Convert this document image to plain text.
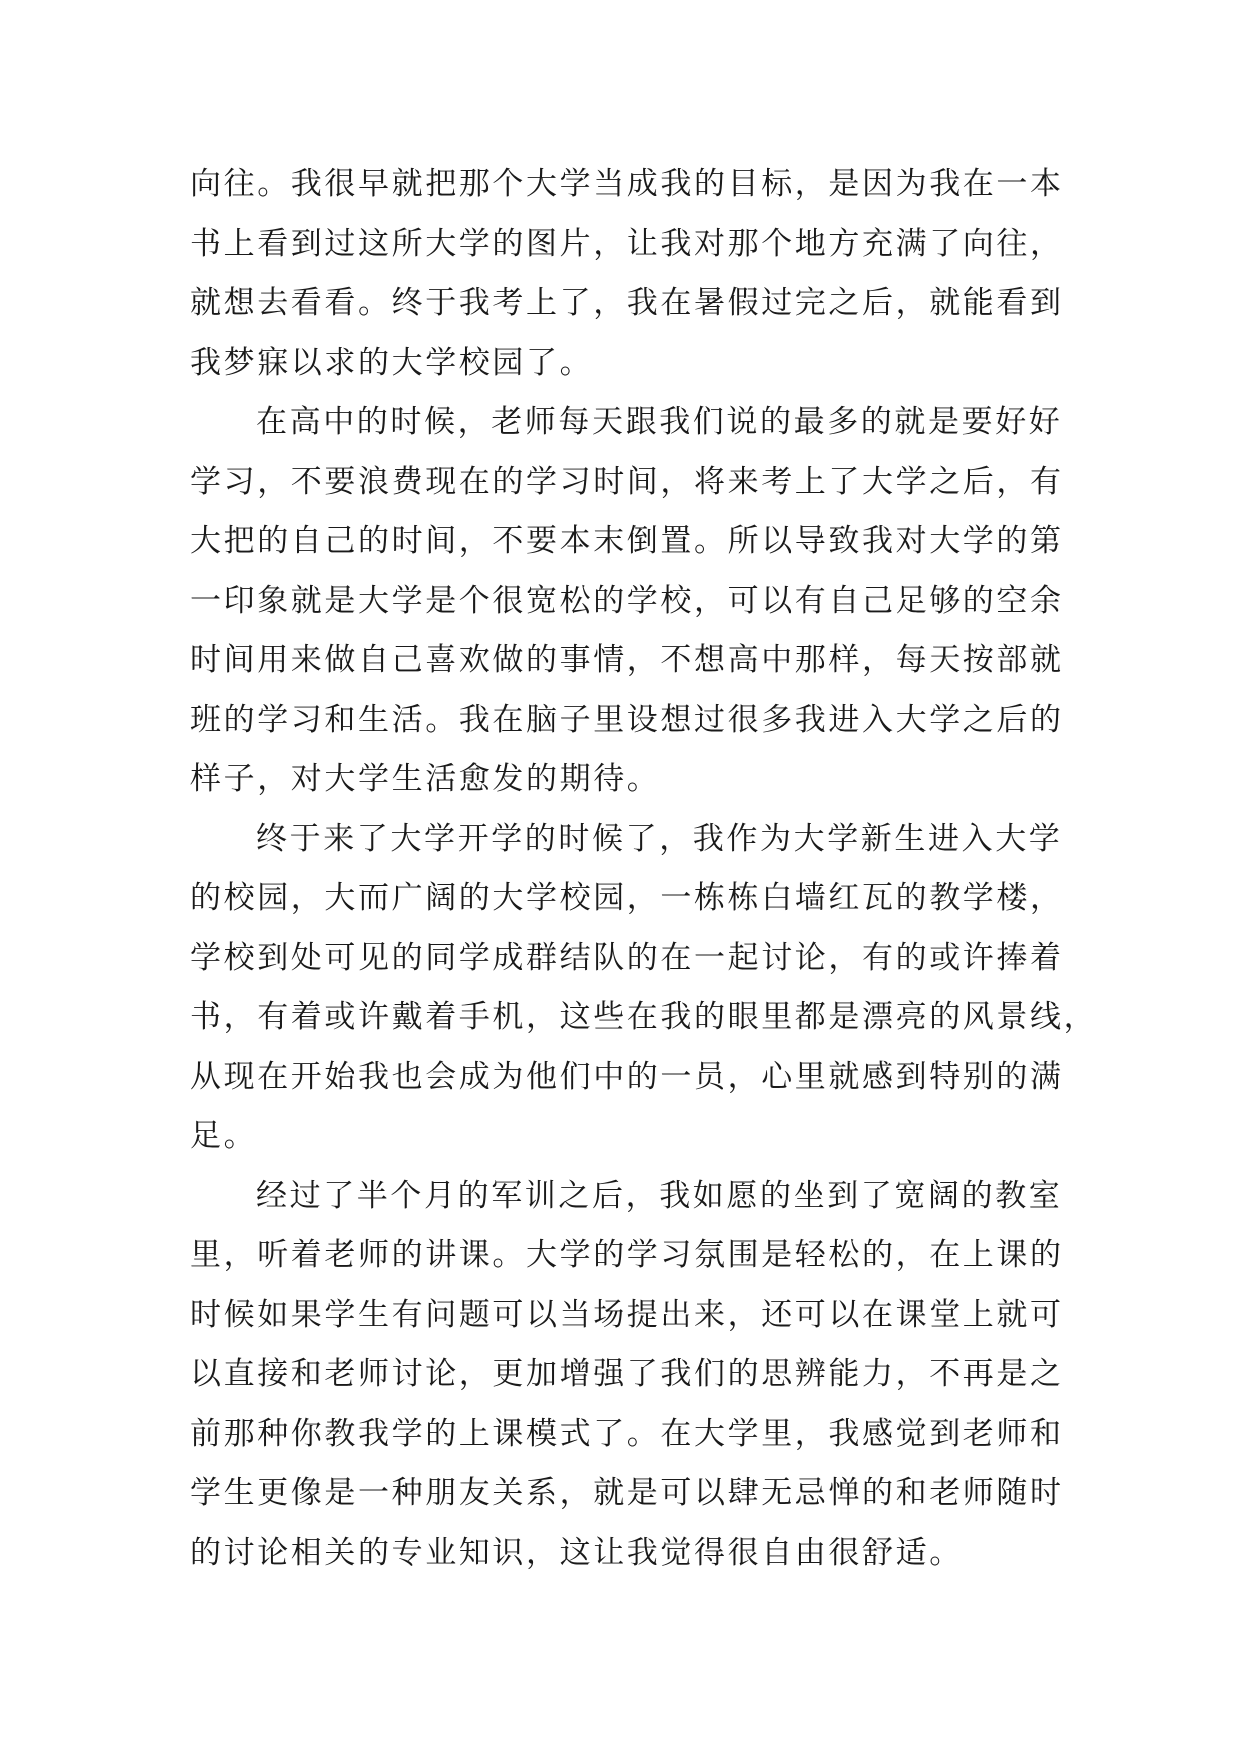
向往。我很早就把那个大学当成我的目标，是因为我在一本
书上看到过这所大学的图片，让我对那个地方充满了向往，
就想去看看。终于我考上了，我在暑假过完之后，就能看到
我梦寐以求的大学校园了。

在高中的时候，老师每天跟我们说的最多的就是要好好
学习，不要浪费现在的学习时间，将来考上了大学之后，有
大把的自己的时间，不要本末倒置。所以导致我对大学的第
一印象就是大学是个很宽松的学校，可以有自己足够的空余
时间用来做自己喜欢做的事情，不想高中那样，每天按部就
班的学习和生活。我在脑子里设想过很多我进入大学之后的
样子，对大学生活愈发的期待。

终于来了大学开学的时候了，我作为大学新生进入大学
的校园，大而广阔的大学校园，一栋栋白墙红瓦的教学楼，
学校到处可见的同学成群结队的在一起讨论，有的或许捧着
书，有着或许戴着手机，这些在我的眼里都是漂亮的风景线，
从现在开始我也会成为他们中的一员，心里就感到特别的满
足。

经过了半个月的军训之后，我如愿的坐到了宽阔的教室
里，听着老师的讲课。大学的学习氛围是轻松的，在上课的
时候如果学生有问题可以当场提出来，还可以在课堂上就可
以直接和老师讨论，更加增强了我们的思辨能力，不再是之
前那种你教我学的上课模式了。在大学里，我感觉到老师和
学生更像是一种朋友关系，就是可以肆无忌惮的和老师随时
的讨论相关的专业知识，这让我觉得很自由很舒适。
